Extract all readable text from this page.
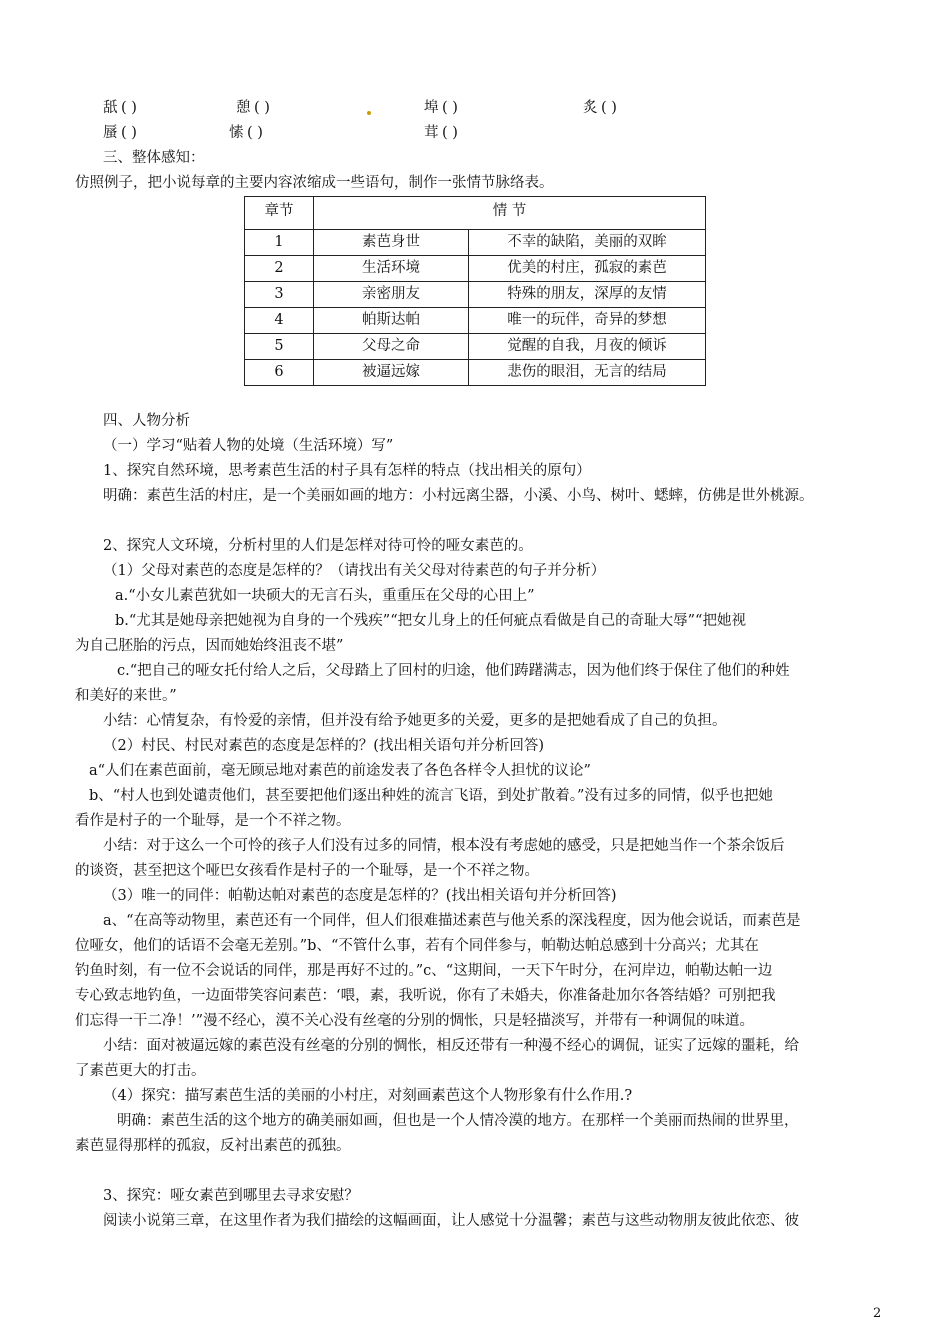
舐 ( )	憩 ( )	埠 ( )	炙 ( )
蜃 ( )	愫 ( )	茸 ( )
三、整体感知：
仿照例子，把小说每章的主要内容浓缩成一些语句，制作一张情节脉络表。
章节	情 节	
1	素芭身世	不幸的缺陷，美丽的双眸
2	生活环境	优美的村庄，孤寂的素芭
3	亲密朋友	特殊的朋友，深厚的友情
4	帕斯达帕	唯一的玩伴，奇异的梦想
5	父母之命	觉醒的自我，月夜的倾诉
6	被逼远嫁	悲伤的眼泪，无言的结局
四、人物分析
（一）学习“贴着人物的处境（生活环境）写”
1、探究自然环境，思考素芭生活的村子具有怎样的特点（找出相关的原句）
明确：素芭生活的村庄，是一个美丽如画的地方：小村远离尘器，小溪、小鸟、树叶、蟋蟀，仿佛是世外桃源。
2、探究人文环境，分析村里的人们是怎样对待可怜的哑女素芭的。
（1）父母对素芭的态度是怎样的？（请找出有关父母对待素芭的句子并分析）
a.“小女儿素芭犹如一块硕大的无言石头，重重压在父母的心田上”
b.“尤其是她母亲把她视为自身的一个残疾”“把女儿身上的任何疵点看做是自己的奇耻大辱”“把她视
为自己胚胎的污点，因而她始终沮丧不堪”
c.“把自己的哑女托付给人之后，父母踏上了回村的归途，他们踌躇满志，因为他们终于保住了他们的种姓
和美好的来世。”
小结：心情复杂，有怜爱的亲情，但并没有给予她更多的关爱，更多的是把她看成了自己的负担。
（2）村民、村民对素芭的态度是怎样的？(找出相关语句并分析回答)
a“人们在素芭面前，毫无顾忌地对素芭的前途发表了各色各样令人担忧的议论”
b、“村人也到处谴责他们，甚至要把他们逐出种姓的流言飞语，到处扩散着。”没有过多的同情，似乎也把她
看作是村子的一个耻辱，是一个不祥之物。
小结：对于这么一个可怜的孩子人们没有过多的同情，根本没有考虑她的感受，只是把她当作一个茶余饭后
的谈资，甚至把这个哑巴女孩看作是村子的一个耻辱，是一个不祥之物。
（3）唯一的同伴：帕勒达帕对素芭的态度是怎样的？(找出相关语句并分析回答)
a、“在高等动物里，素芭还有一个同伴，但人们很难描述素芭与他关系的深浅程度，因为他会说话，而素芭是
位哑女，他们的话语不会毫无差别。”b、“不管什么事，若有个同伴参与，帕勒达帕总感到十分高兴；尤其在
钓鱼时刻，有一位不会说话的同伴，那是再好不过的。”c、“这期间，一天下午时分，在河岸边，帕勒达帕一边
专心致志地钓鱼，一边面带笑容问素芭：‘喂，素，我听说，你有了未婚夫，你准备赴加尔各答结婚？可别把我
们忘得一干二净！’”漫不经心，漠不关心没有丝毫的分别的惆怅，只是轻描淡写，并带有一种调侃的味道。
小结：面对被逼远嫁的素芭没有丝毫的分别的惆怅，相反还带有一种漫不经心的调侃，证实了远嫁的噩耗，给
了素芭更大的打击。
（4）探究：描写素芭生活的美丽的小村庄，对刻画素芭这个人物形象有什么作用.?
明确：素芭生活的这个地方的确美丽如画，但也是一个人情冷漠的地方。在那样一个美丽而热闹的世界里，
素芭显得那样的孤寂，反衬出素芭的孤独。
3、探究：哑女素芭到哪里去寻求安慰？
阅读小说第三章，在这里作者为我们描绘的这幅画面，让人感觉十分温馨；素芭与这些动物朋友彼此依恋、彼
2
